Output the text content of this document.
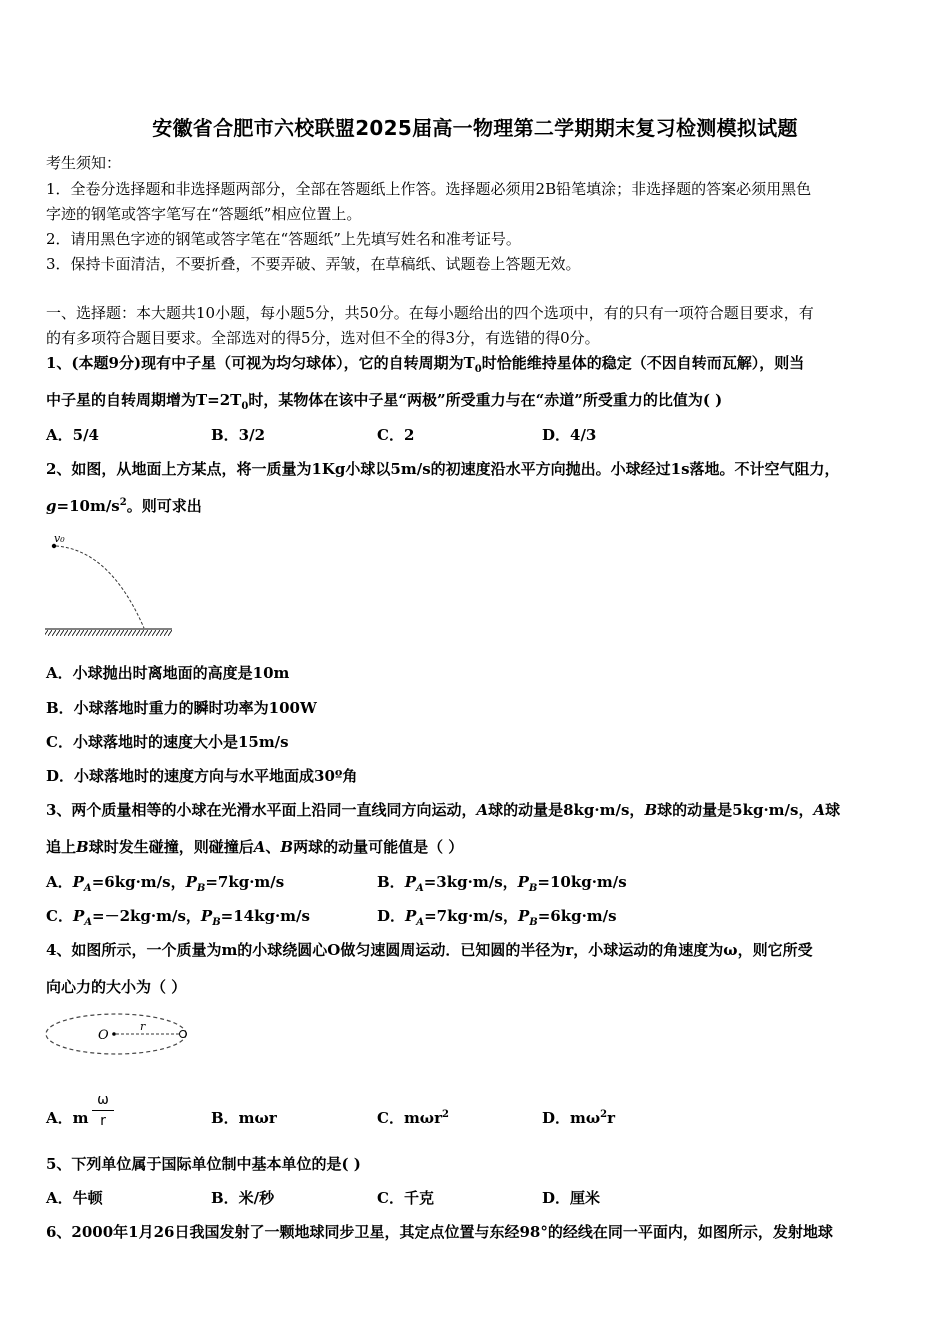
安徽省合肥市六校联盟2025届高一物理第二学期期末复习检测模拟试题
考生须知：
1．全卷分选择题和非选择题两部分，全部在答题纸上作答。选择题必须用2B铅笔填涂；非选择题的答案必须用黑色
字迹的钢笔或答字笔写在“答题纸”相应位置上。
2．请用黑色字迹的钢笔或答字笔在“答题纸”上先填写姓名和准考证号。
3．保持卡面清洁，不要折叠，不要弄破、弄皱，在草稿纸、试题卷上答题无效。
一、选择题：本大题共10小题，每小题5分，共50分。在每小题给出的四个选项中，有的只有一项符合题目要求，有
的有多项符合题目要求。全部选对的得5分，选对但不全的得3分，有选错的得0分。
1、(本题9分)现有中子星（可视为均匀球体），它的自转周期为$T_0$时恰能维持星体的稳定（不因自转而瓦解），则当
中子星的自转周期增为$T=2T_0$时，某物体在该中子星“两极”所受重力与在“赤道”所受重力的比值为( )
A．5/4	B．3/2	C．2	D．4/3
2、如图，从地面上方某点，将一质量为1Kg小球以5m/s的初速度沿水平方向抛出。小球经过1s落地。不计空气阻力，
$g=10m/s^2$。则可求出
v₀
A．小球抛出时离地面的高度是10m
B．小球落地时重力的瞬时功率为100W
C．小球落地时的速度大小是15m/s
D．小球落地时的速度方向与水平地面成30º角
3、两个质量相等的小球在光滑水平面上沿同一直线同方向运动，A球的动量是8kg·m/s，B球的动量是5kg·m/s，A球
追上B球时发生碰撞，则碰撞后A、B两球的动量可能值是（ ）
A．$P_A=6kg\cdot m/s$，$P_B=7kg\cdot m/s$	B．$P_A=3kg\cdot m/s$，$P_B=10kg\cdot m/s$
C．$P_A=-2kg\cdot m/s$，$P_B=14kg\cdot m/s$	D．$P_A=7kg\cdot m/s$，$P_B=6kg\cdot m/s$
4、如图所示，一个质量为m的小球绕圆心O做匀速圆周运动．已知圆的半径为r，小球运动的角速度为ω，则它所受
向心力的大小为（ ）
O
r
A．m
ω
r	B．mωr	C．mωr$^2$	D．$m\omega^2r$
5、下列单位属于国际单位制中基本单位的是( )
A．牛顿	B．米/秒	C．千克	D．厘米
6、2000年1月26日我国发射了一颗地球同步卫星，其定点位置与东经98°的经线在同一平面内，如图所示，发射地球
